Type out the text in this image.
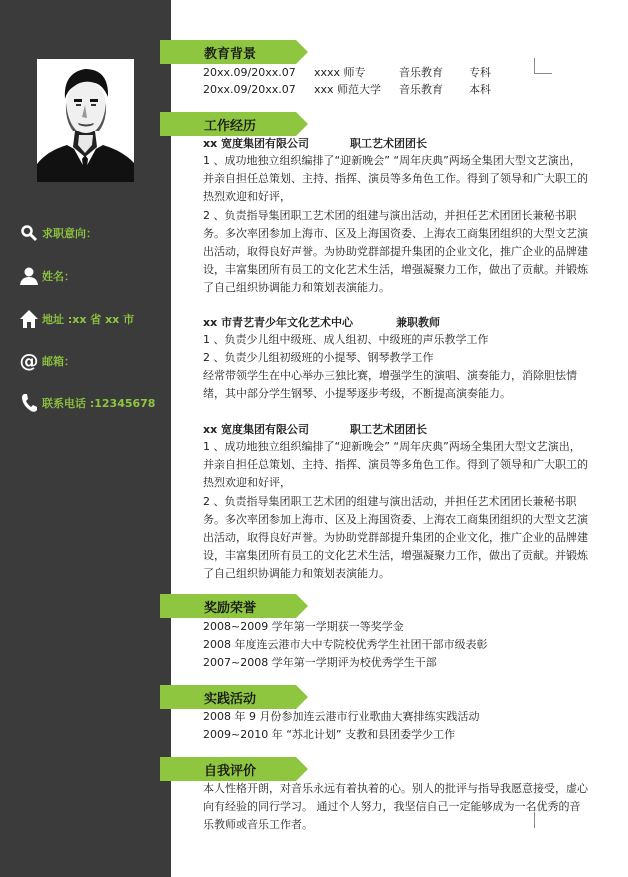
求职意向：
姓名：
地址 :xx 省 xx 市
@ 邮箱：
联系电话 :12345678
教育背景
20xx.09/20xx.07 xxxx 师专	音乐教育 专科
20xx.09/20xx.07 xxx 师范大学 音乐教育 本科
工作经历
xx 宽度集团有限公司	职工艺术团团长
1 、成功地独立组织编排了“迎新晚会” “周年庆典”两场全集团大型文艺演出，并亲自担任总策划、主持、指挥、演员等多角色工作。得到了领导和广大职工的热烈欢迎和好评，
2 、负责指导集团职工艺术团的组建与演出活动，并担任艺术团团长兼秘书职务。多次率团参加上海市、区及上海国资委、上海农工商集团组织的大型文艺演出活动，取得良好声誉。为协助党群部提升集团的企业文化，推广企业的品牌建设，丰富集团所有员工的文化艺术生活，增强凝聚力工作，做出了贡献。并锻炼了自己组织协调能力和策划表演能力。
xx 市青艺青少年文化艺术中心	兼职教师
1 、负责少儿组中级班、成人组初、中级班的声乐教学工作
2 、负责少儿组初级班的小提琴、钢琴教学工作
经常带领学生在中心举办三独比赛，增强学生的演唱、演奏能力，消除胆怯情绪，其中部分学生钢琴、小提琴逐步考级，不断提高演奏能力。
xx 宽度集团有限公司	职工艺术团团长
1 、成功地独立组织编排了“迎新晚会” “周年庆典”两场全集团大型文艺演出，并亲自担任总策划、主持、指挥、演员等多角色工作。得到了领导和广大职工的热烈欢迎和好评，
2 、负责指导集团职工艺术团的组建与演出活动，并担任艺术团团长兼秘书职务。多次率团参加上海市、区及上海国资委、上海农工商集团组织的大型文艺演出活动，取得良好声誉。为协助党群部提升集团的企业文化，推广企业的品牌建设，丰富集团所有员工的文化艺术生活，增强凝聚力工作，做出了贡献。并锻炼了自己组织协调能力和策划表演能力。
奖励荣誉
2008~2009 学年第一学期获一等奖学金
2008 年度连云港市大中专院校优秀学生社团干部市级表彰
2007~2008 学年第一学期评为校优秀学生干部
实践活动
2008 年 9 月份参加连云港市行业歌曲大赛排练实践活动
2009~2010 年 “苏北计划” 支教和县团委学少工作
自我评价
本人性格开朗，对音乐永远有着执着的心。别人的批评与指导我愿意接受，虚心向有经验的同行学习。 通过个人努力，我坚信自己一定能够成为一名优秀的音乐教师或音乐工作者。
